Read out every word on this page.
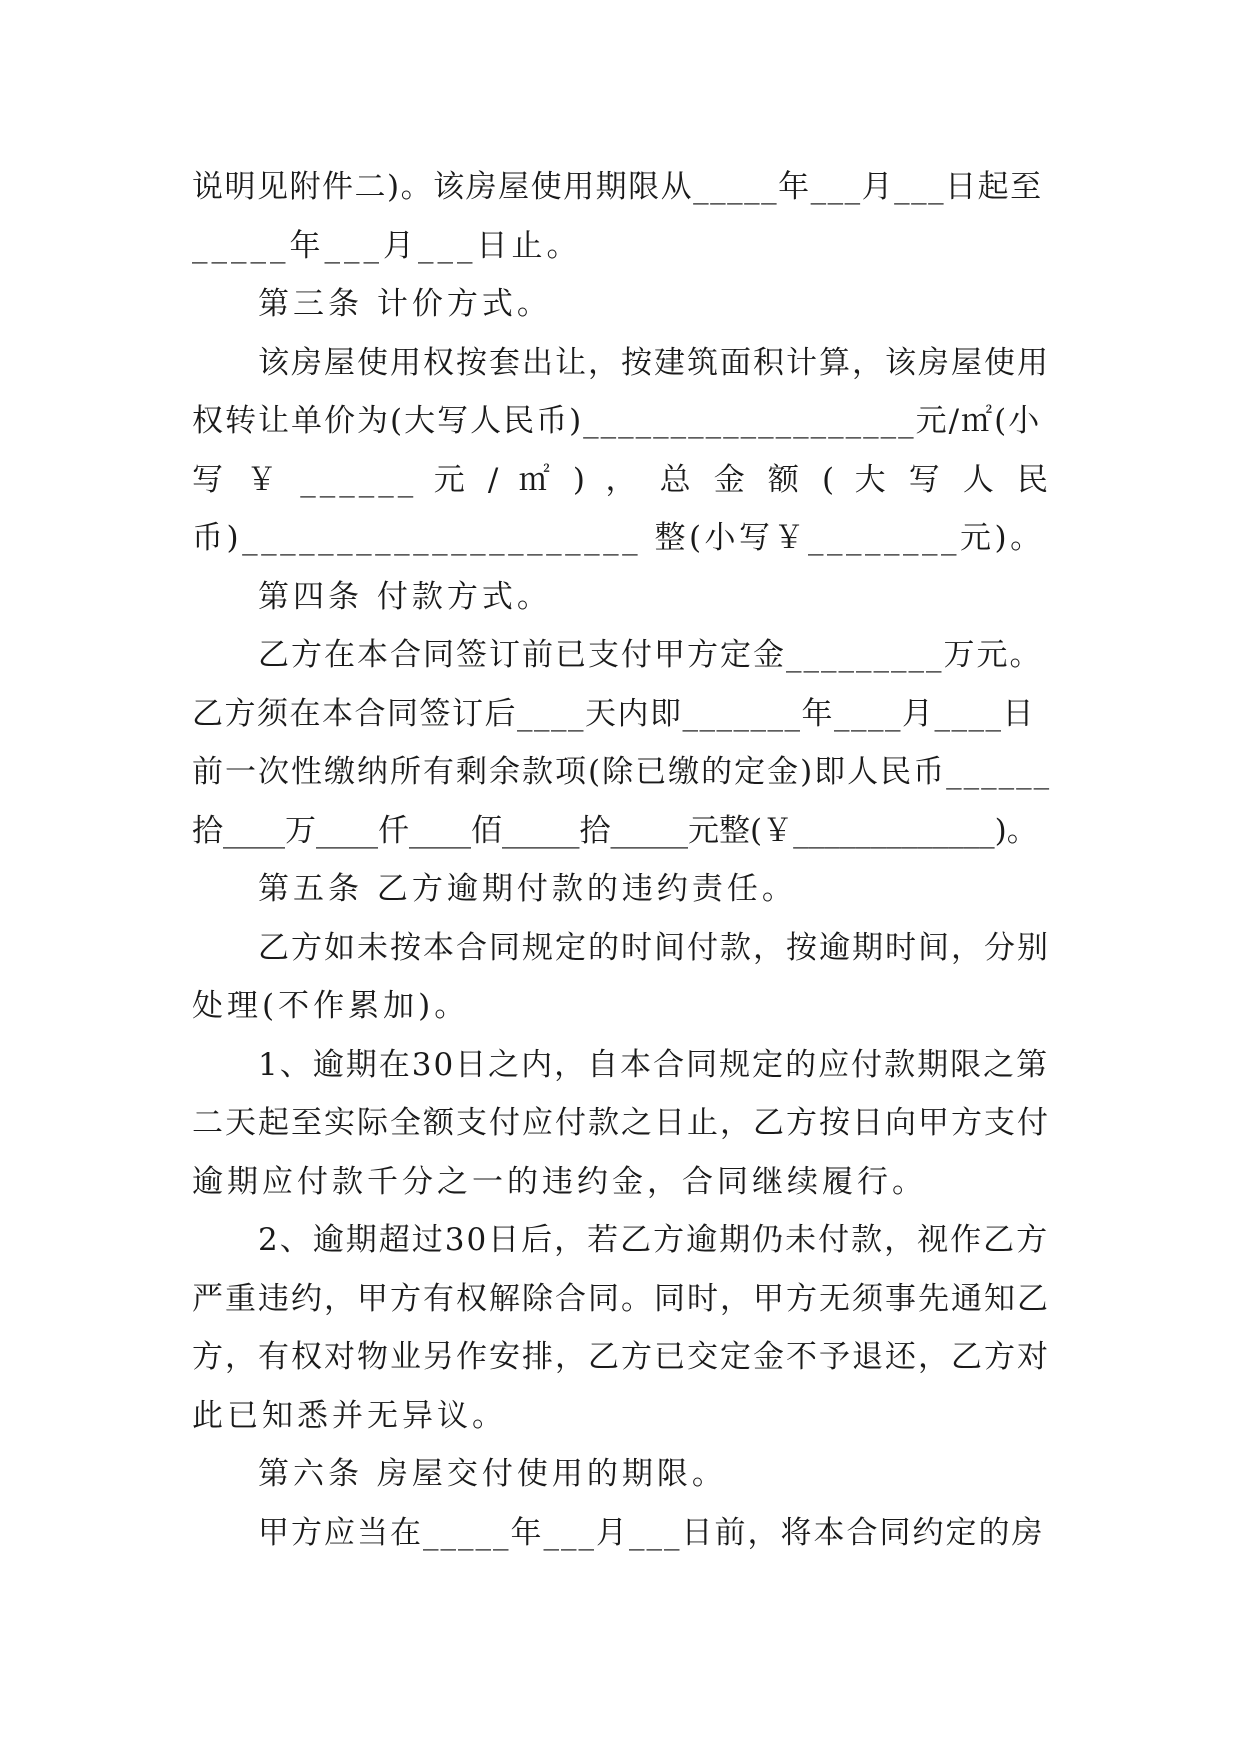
说明见附件二)。该房屋使用期限从_____年___月___日起至

_____年___月___日止。

第三条 计价方式。

该房屋使用权按套出让，按建筑面积计算，该房屋使用

权转让单价为(大写人民币)___________________元/㎡(小

写 ￥ ______ 元 / ㎡ ) ， 总 金 额 ( 大 写 人 民

币)_____________________ 整(小写￥________元)。

第四条 付款方式。

乙方在本合同签订前已支付甲方定金_________万元。

乙方须在本合同签订后____天内即_______年____月____日

前一次性缴纳所有剩余款项(除已缴的定金)即人民币______

拾____万____仟____佰_____拾_____元整(￥_____________)。

第五条 乙方逾期付款的违约责任。

乙方如未按本合同规定的时间付款，按逾期时间，分别

处理(不作累加)。

1、逾期在30日之内，自本合同规定的应付款期限之第

二天起至实际全额支付应付款之日止，乙方按日向甲方支付

逾期应付款千分之一的违约金，合同继续履行。

2、逾期超过30日后，若乙方逾期仍未付款，视作乙方

严重违约，甲方有权解除合同。同时，甲方无须事先通知乙

方，有权对物业另作安排，乙方已交定金不予退还，乙方对

此已知悉并无异议。

第六条 房屋交付使用的期限。

甲方应当在_____年___月___日前，将本合同约定的房
